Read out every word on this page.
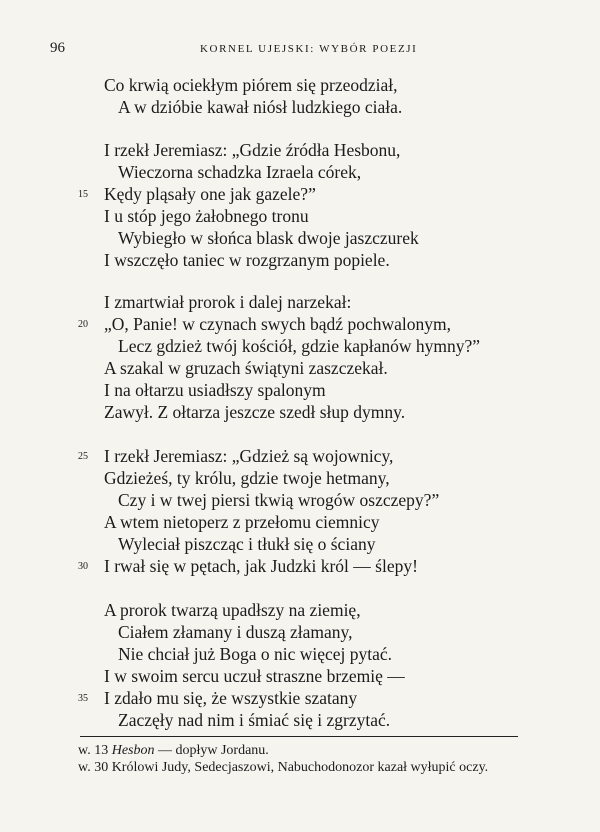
96	KORNEL UJEJSKI: WYBÓR POEZJI
Co krwią ociekłym piórem się przeodział,
A w dzióbie kawał niósł ludzkiego ciała.
I rzekł Jeremiasz: „Gdzie źródła Hesbonu,
Wieczorna schadzka Izraela córek,
15 Kędy pląsały one jak gazele?”
I u stóp jego żałobnego tronu
Wybiegło w słońca blask dwoje jaszczurek
I wszczęło taniec w rozgrzanym popiele.
I zmartwiał prorok i dalej narzekał:
20 „O, Panie! w czynach swych bądź pochwalonym,
Lecz gdzież twój kościół, gdzie kapłanów hymny?”
A szakal w gruzach świątyni zaszczekał.
I na ołtarzu usiadłszy spalonym
Zawył. Z ołtarza jeszcze szedł słup dymny.
25 I rzekł Jeremiasz: „Gdzież są wojownicy,
Gdzieżeś, ty królu, gdzie twoje hetmany,
Czy i w twej piersi tkwią wrogów oszczepy?”
A wtem nietoperz z przełomu ciemnicy
Wyleciał piszcząc i tłukł się o ściany
30 I rwał się w pętach, jak Judzki król — ślepy!
A prorok twarzą upadłszy na ziemię,
Ciałem złamany i duszą złamany,
Nie chciał już Boga o nic więcej pytać.
I w swoim sercu uczuł straszne brzemię —
35 I zdało mu się, że wszystkie szatany
Zaczęły nad nim i śmiać się i zgrzytać.
w. 13 Hesbon — dopływ Jordanu.
w. 30 Królowi Judy, Sedecjaszowi, Nabuchodonozor kazał wyłupić oczy.
